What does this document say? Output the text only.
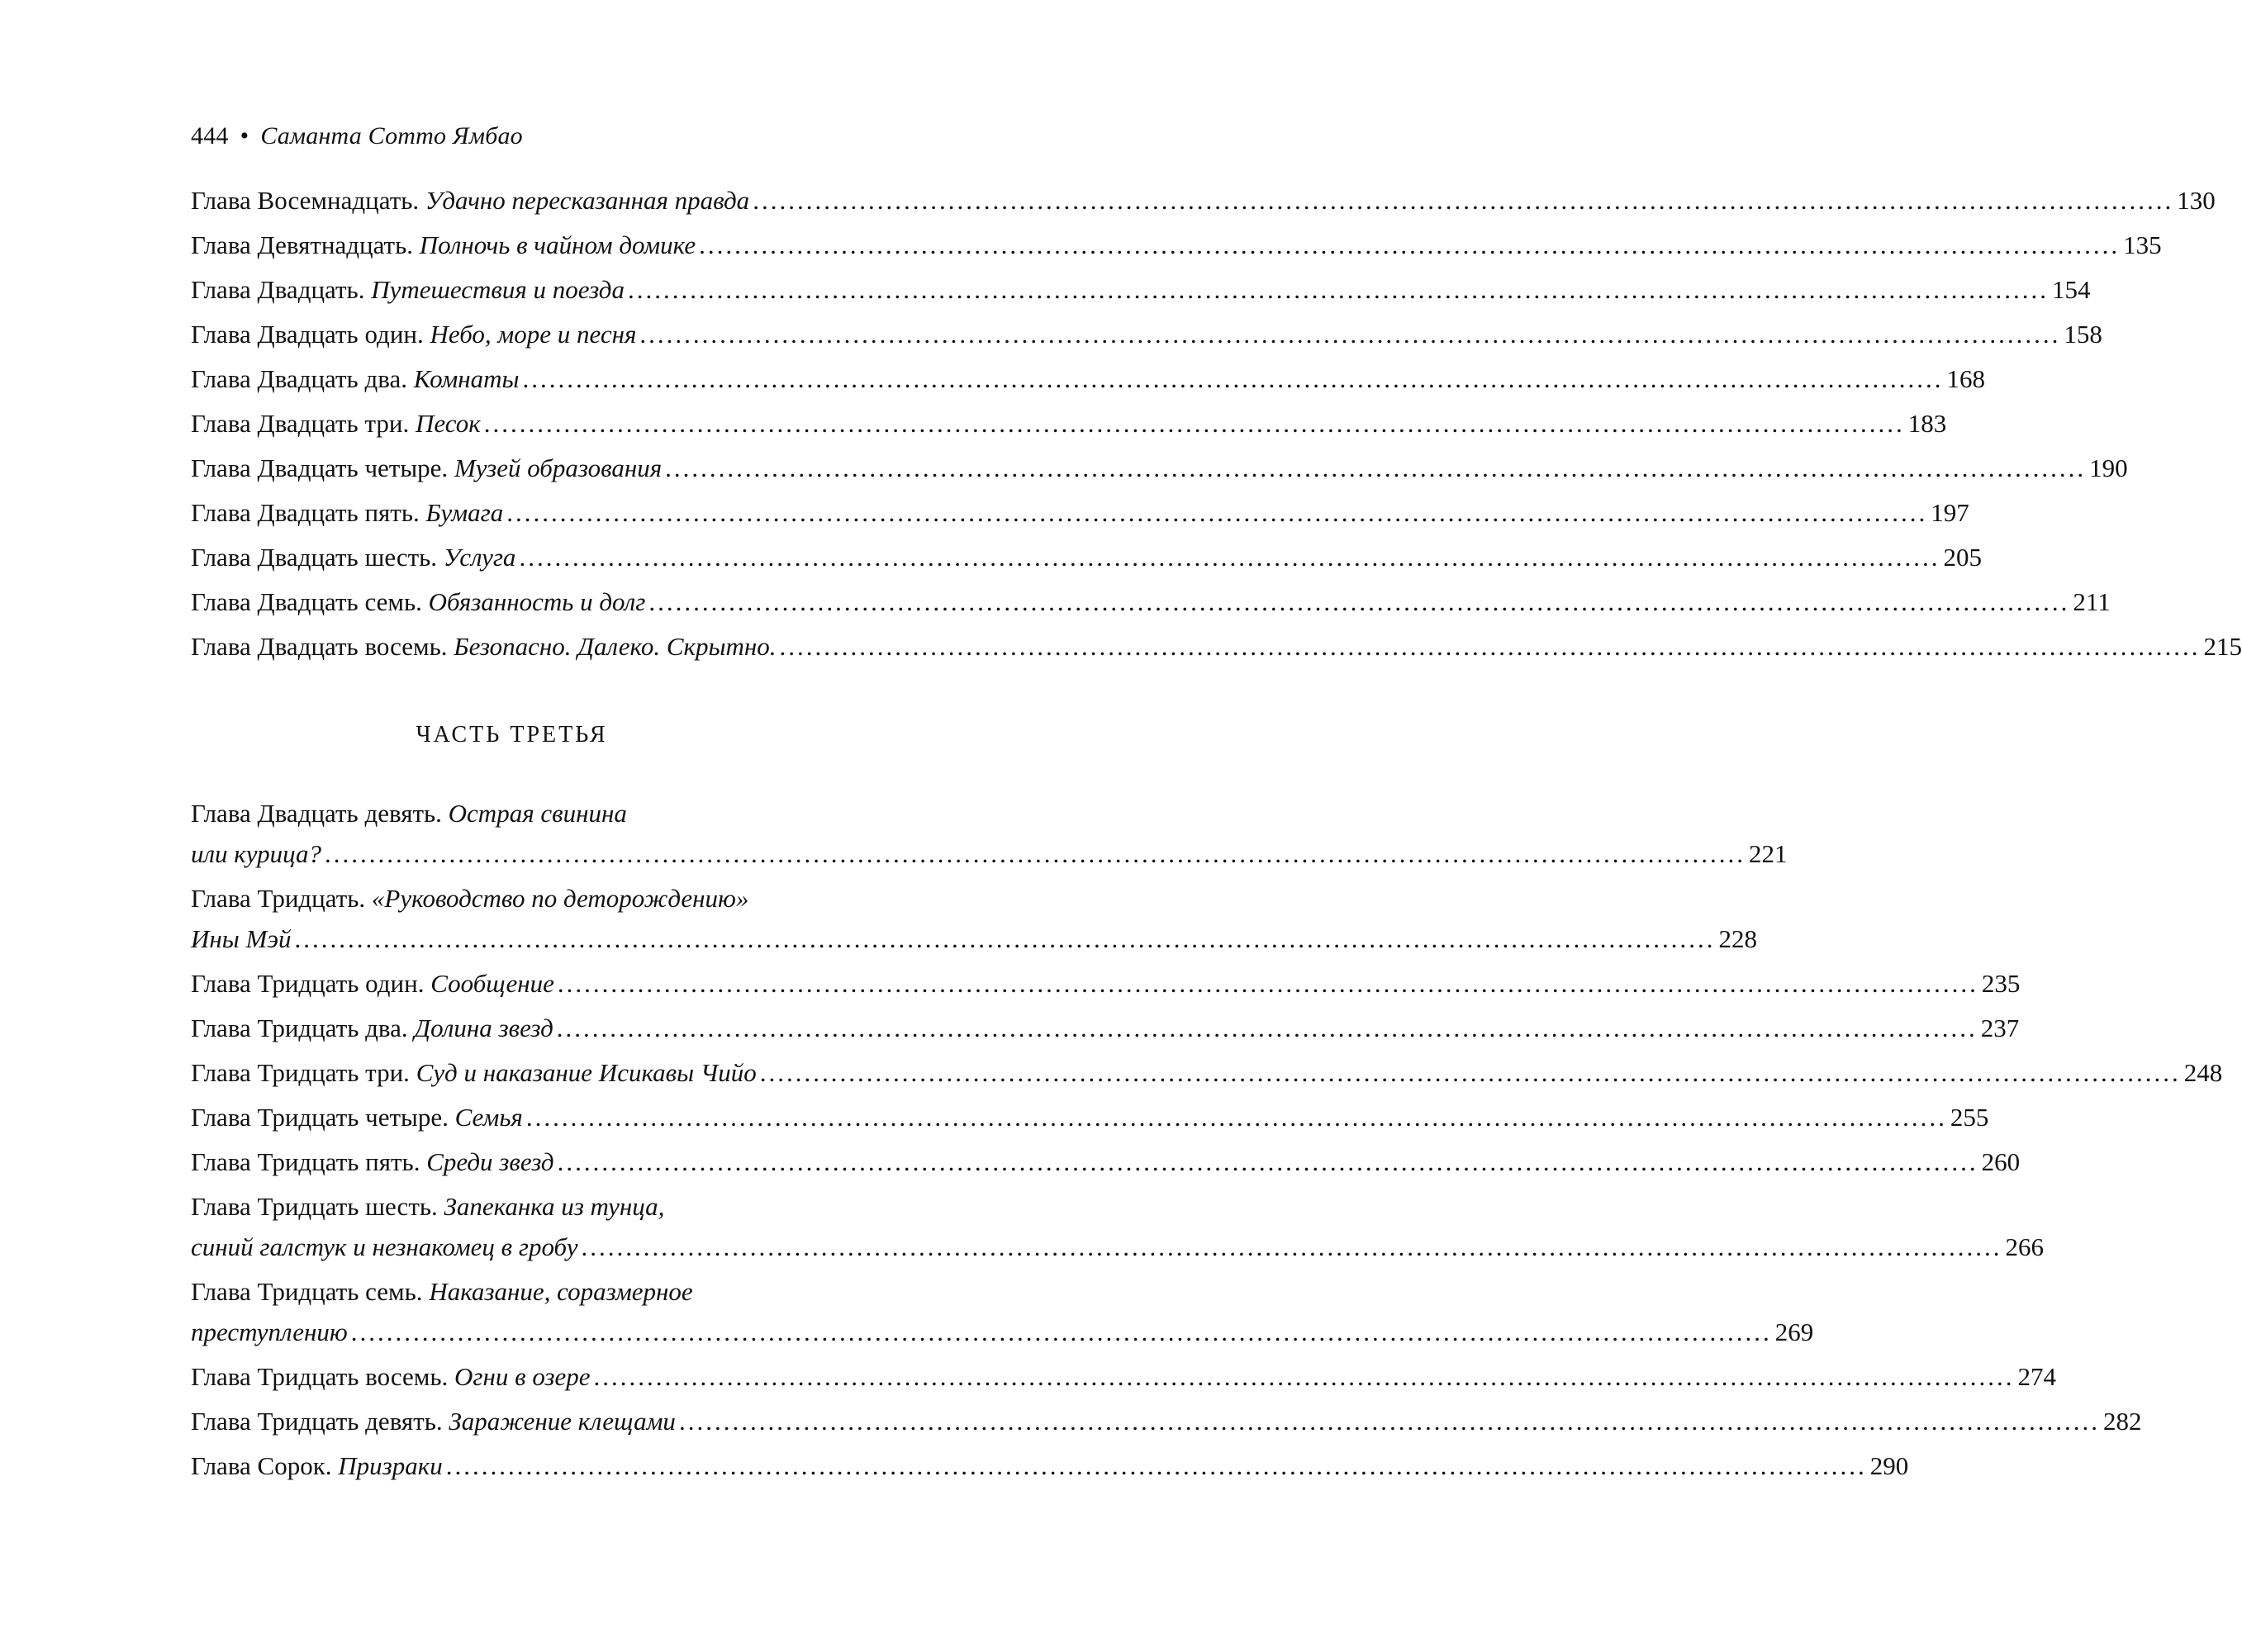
444 • Саманта Сотто Ямбао
Глава Восемнадцать.
Удачно пересказанная правда ................................................................................................................................................................ 130
Глава Девятнадцать.
Полночь в чайном домике ................................................................................................................................................................ 135
Глава Двадцать.
Путешествия и поезда ................................................................................................................................................................ 154
Глава Двадцать один.
Небо, море и песня ................................................................................................................................................................ 158
Глава Двадцать два.
Комнаты ................................................................................................................................................................ 168
Глава Двадцать три.
Песок ................................................................................................................................................................ 183
Глава Двадцать четыре.
Музей образования ................................................................................................................................................................ 190
Глава Двадцать пять.
Бумага ................................................................................................................................................................ 197
Глава Двадцать шесть.
Услуга ................................................................................................................................................................ 205
Глава Двадцать семь.
Обязанность и долг ................................................................................................................................................................ 211
Глава Двадцать восемь.
Безопасно. Далеко. Скрытно. ................................................................................................................................................................ 215
ЧАСТЬ ТРЕТЬЯ
Глава Двадцать девять.
Острая свинина
или курица? ................................................................................................................................................................ 221
Глава Тридцать.
«Руководство по деторождению»
Ины Мэй ................................................................................................................................................................ 228
Глава Тридцать один.
Сообщение ................................................................................................................................................................ 235
Глава Тридцать два.
Долина звезд ................................................................................................................................................................ 237
Глава Тридцать три.
Суд и наказание Исикавы Чийо ................................................................................................................................................................ 248
Глава Тридцать четыре.
Семья ................................................................................................................................................................ 255
Глава Тридцать пять.
Среди звезд ................................................................................................................................................................ 260
Глава Тридцать шесть.
Запеканка из тунца,
синий галстук и незнакомец в гробу ................................................................................................................................................................ 266
Глава Тридцать семь.
Наказание, соразмерное
преступлению ................................................................................................................................................................ 269
Глава Тридцать восемь.
Огни в озере ................................................................................................................................................................ 274
Глава Тридцать девять.
Заражение клещами ................................................................................................................................................................ 282
Глава Сорок.
Призраки ................................................................................................................................................................ 290
